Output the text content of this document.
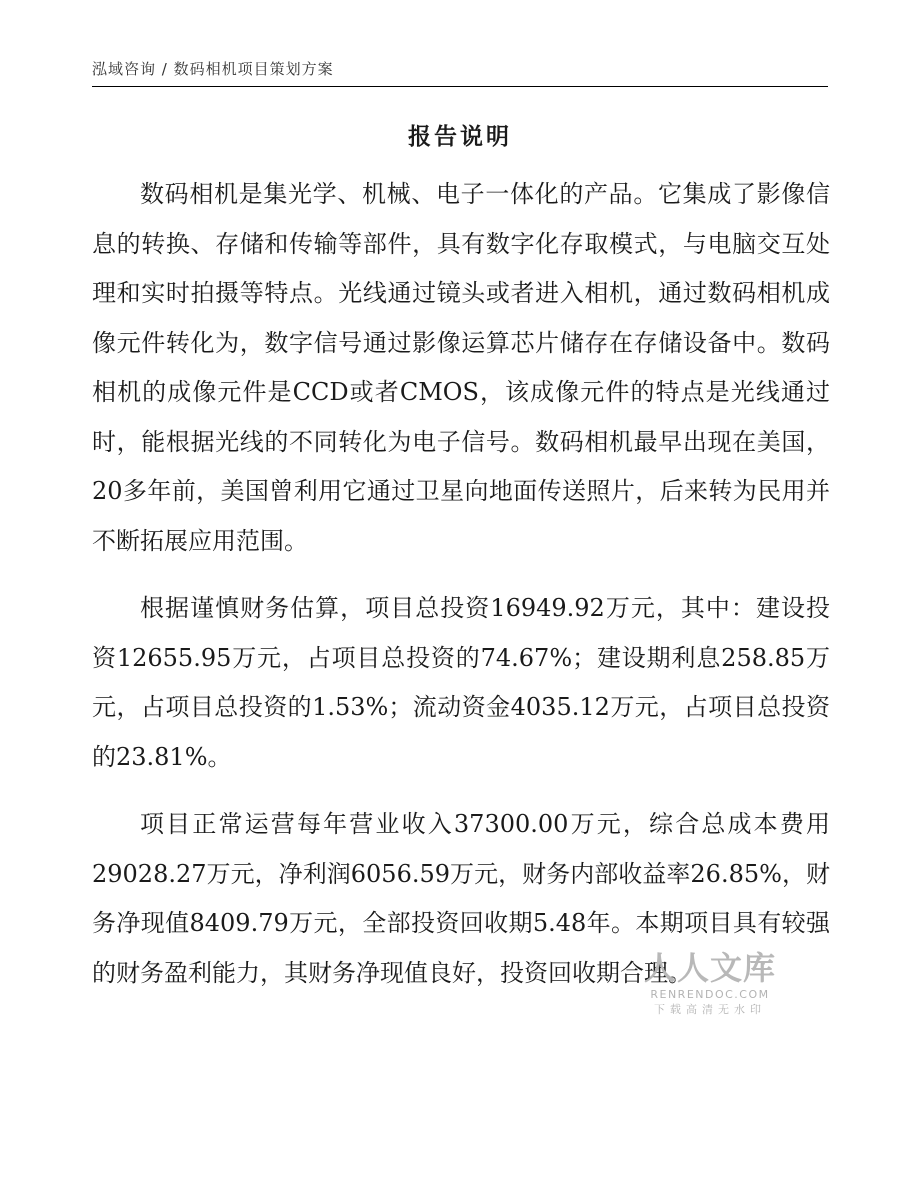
泓域咨询 / 数码相机项目策划方案
报告说明

数码相机是集光学、机械、电子一体化的产品。它集成了影像信息的转换、存储和传输等部件，具有数字化存取模式，与电脑交互处理和实时拍摄等特点。光线通过镜头或者进入相机，通过数码相机成像元件转化为，数字信号通过影像运算芯片储存在存储设备中。数码相机的成像元件是CCD或者CMOS，该成像元件的特点是光线通过时，能根据光线的不同转化为电子信号。数码相机最早出现在美国，20多年前，美国曾利用它通过卫星向地面传送照片，后来转为民用并不断拓展应用范围。

根据谨慎财务估算，项目总投资16949.92万元，其中：建设投资12655.95万元，占项目总投资的74.67%；建设期利息258.85万元，占项目总投资的1.53%；流动资金4035.12万元，占项目总投资的23.81%。

项目正常运营每年营业收入37300.00万元，综合总成本费用29028.27万元，净利润6056.59万元，财务内部收益率26.85%，财务净现值8409.79万元，全部投资回收期5.48年。本期项目具有较强的财务盈利能力，其财务净现值良好，投资回收期合理。

人人文库
RENRENDOC.COM
下载高清无水印
